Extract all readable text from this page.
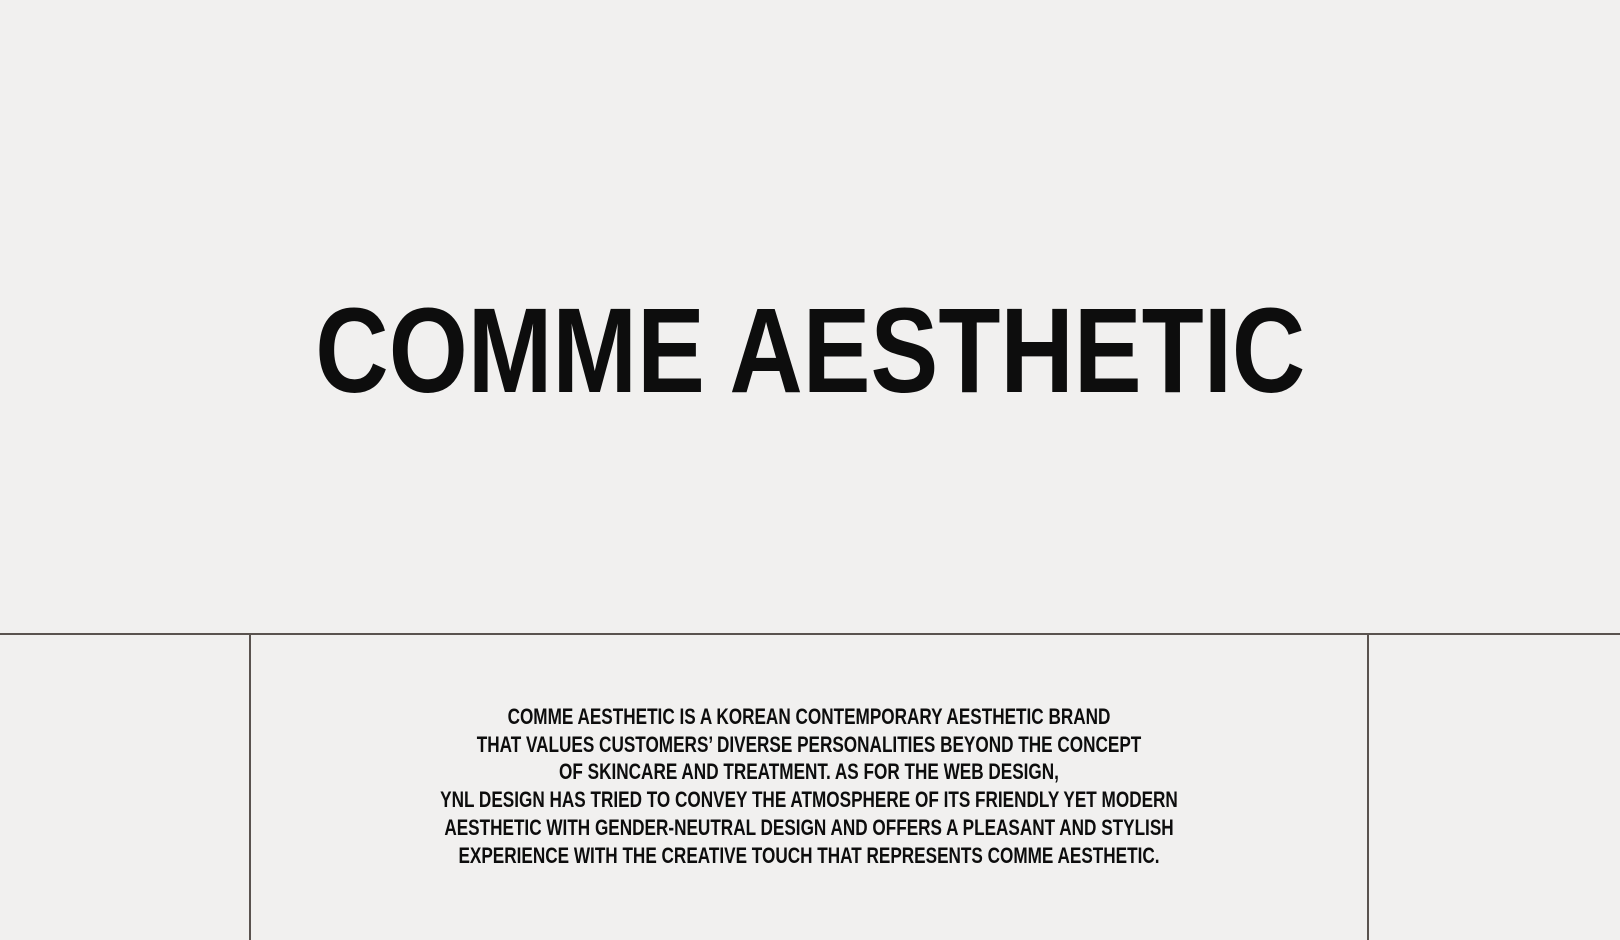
COMME AESTHETIC

COMME AESTHETIC IS A KOREAN CONTEMPORARY AESTHETIC BRAND
THAT VALUES CUSTOMERS’ DIVERSE PERSONALITIES BEYOND THE CONCEPT
OF SKINCARE AND TREATMENT. AS FOR THE WEB DESIGN,
YNL DESIGN HAS TRIED TO CONVEY THE ATMOSPHERE OF ITS FRIENDLY YET MODERN
AESTHETIC WITH GENDER-NEUTRAL DESIGN AND OFFERS A PLEASANT AND STYLISH
EXPERIENCE WITH THE CREATIVE TOUCH THAT REPRESENTS COMME AESTHETIC.
